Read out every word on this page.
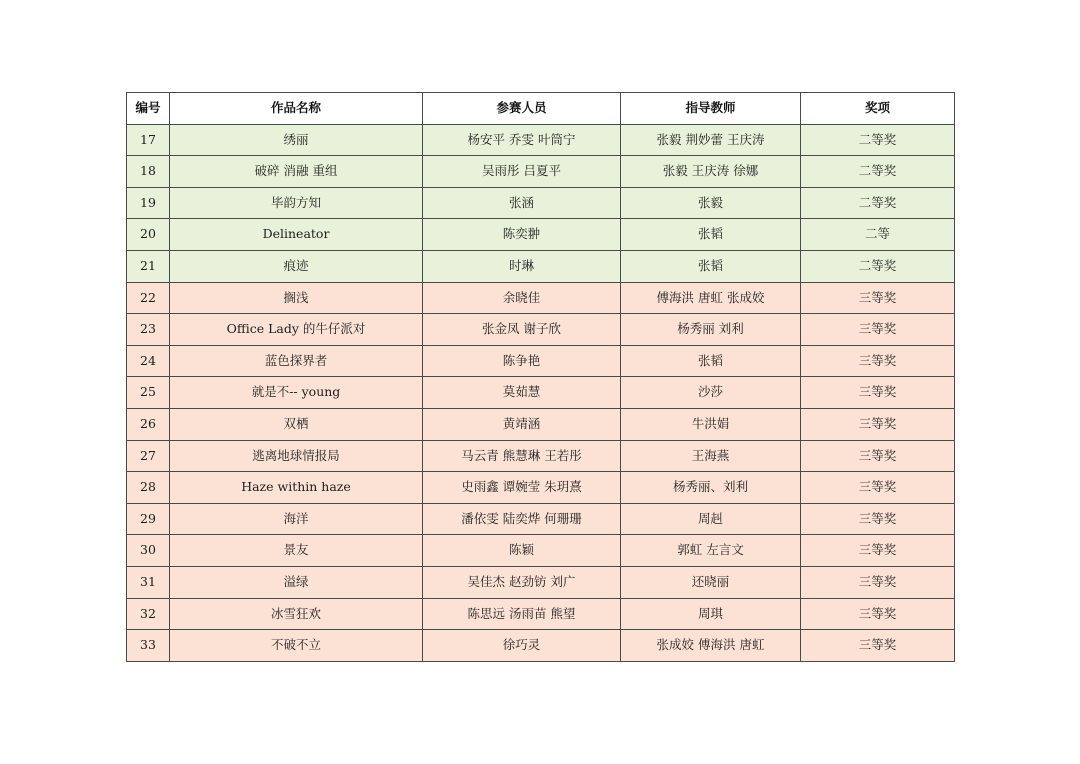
编号	作品名称	参赛人员	指导教师	奖项
17	绣丽	杨安平 乔雯 叶筒宁	张毅 荆妙蕾 王庆涛	二等奖
18	破碎 消融 重组	吴雨彤 吕夏平	张毅 王庆涛 徐娜	二等奖
19	毕韵方知	张涵	张毅	二等奖
20	Delineator	陈奕翀	张韬	二等
21	痕迹	时琳	张韬	二等奖
22	搁浅	余晓佳	傅海洪 唐虹 张成姣	三等奖
23	Office Lady 的牛仔派对	张金凤 谢子欣	杨秀丽 刘利	三等奖
24	蓝色探界者	陈争艳	张韬	三等奖
25	就是不-- young	莫茹慧	沙莎	三等奖
26	双栖	黄靖涵	牛洪娟	三等奖
27	逃离地球情报局	马云青 熊慧琳 王若彤	王海燕	三等奖
28	Haze within haze	史雨鑫 谭婉莹 朱玥熹	杨秀丽、刘利	三等奖
29	海洋	潘依雯 陆奕烨 何珊珊	周赳	三等奖
30	景友	陈颖	郭虹 左言文	三等奖
31	溢绿	吴佳杰 赵劲钫 刘广	还晓丽	三等奖
32	冰雪狂欢	陈思远 汤雨苗 熊望	周琪	三等奖
33	不破不立	徐巧灵	张成姣 傅海洪 唐虹	三等奖
